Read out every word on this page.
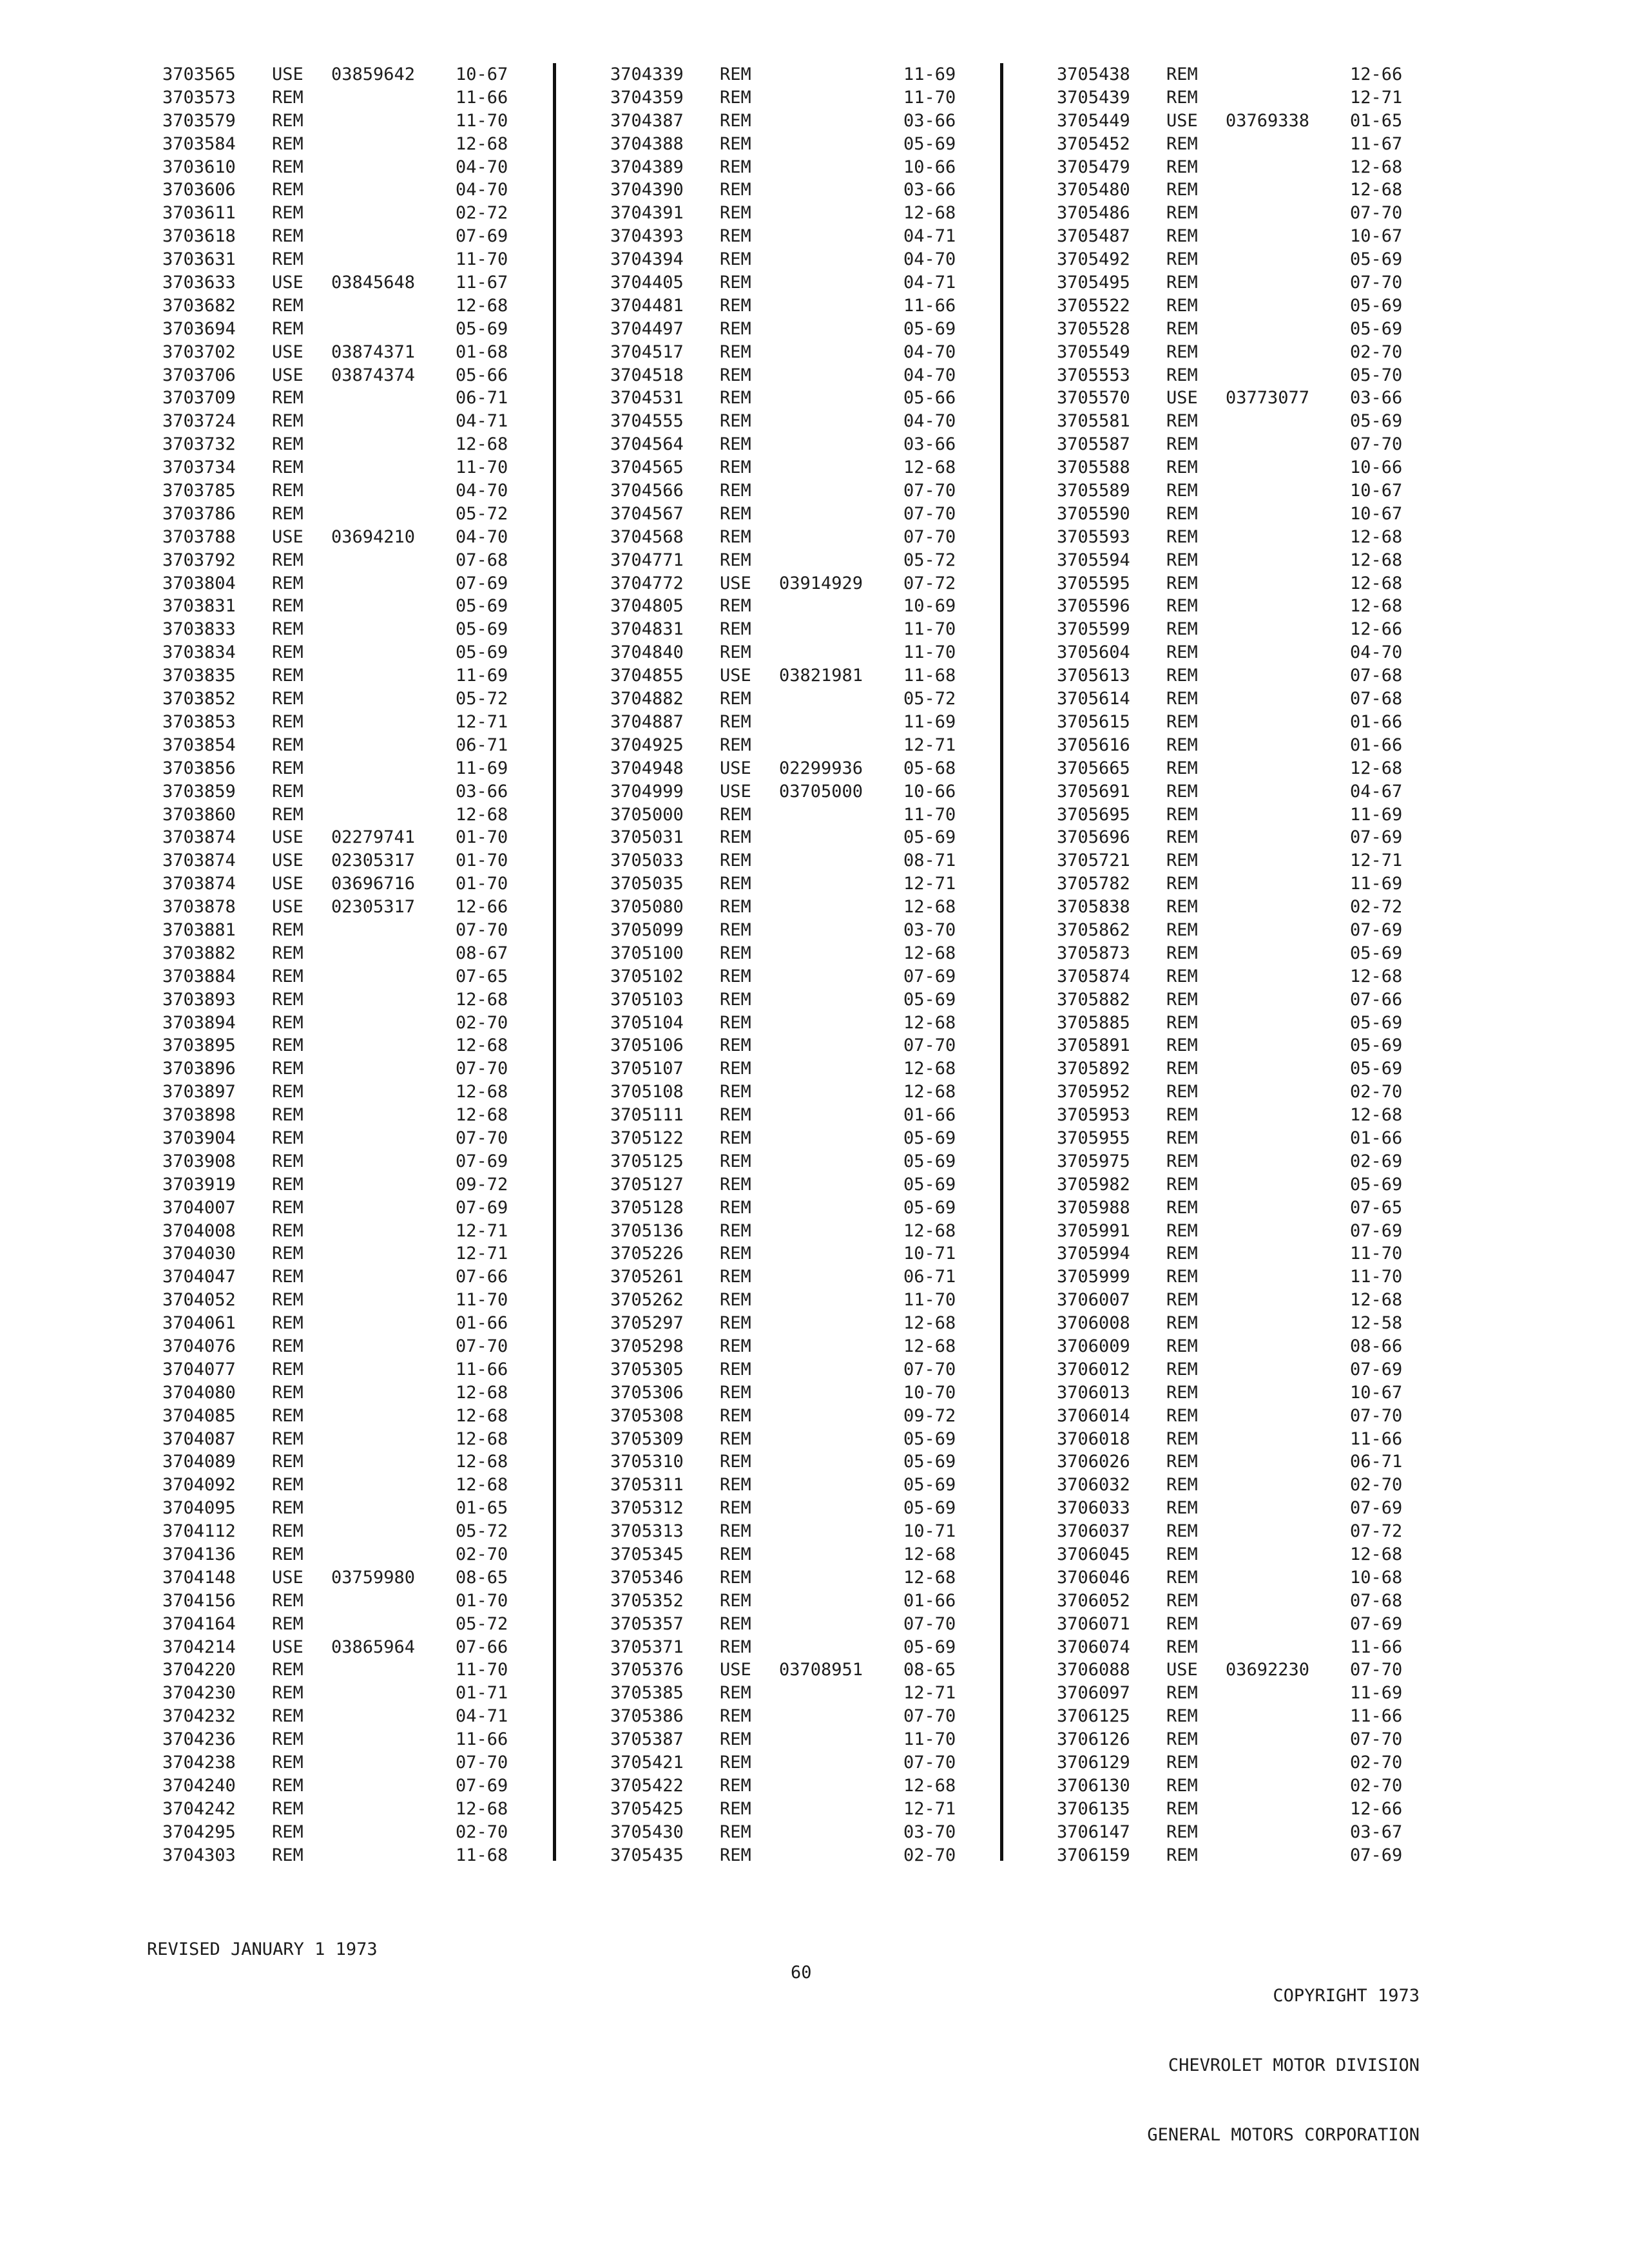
3703565 USE 03859642 10-67
3703573 REM	11-66
3703579 REM	11-70
3703584 REM	12-68
3703610 REM	04-70
3703606 REM	04-70
3703611 REM	02-72
3703618 REM	07-69
3703631 REM	11-70
3703633 USE 03845648 11-67
3703682 REM	12-68
3703694 REM	05-69
3703702 USE 03874371 01-68
3703706 USE 03874374 05-66
3703709 REM	06-71
3703724 REM	04-71
3703732 REM	12-68
3703734 REM	11-70
3703785 REM	04-70
3703786 REM	05-72
3703788 USE 03694210 04-70
3703792 REM	07-68
3703804 REM	07-69
3703831 REM	05-69
3703833 REM	05-69
3703834 REM	05-69
3703835 REM	11-69
3703852 REM	05-72
3703853 REM	12-71
3703854 REM	06-71
3703856 REM	11-69
3703859 REM	03-66
3703860 REM	12-68
3703874 USE 02279741 01-70
3703874 USE 02305317 01-70
3703874 USE 03696716 01-70
3703878 USE 02305317 12-66
3703881 REM	07-70
3703882 REM	08-67
3703884 REM	07-65
3703893 REM	12-68
3703894 REM	02-70
3703895 REM	12-68
3703896 REM	07-70
3703897 REM	12-68
3703898 REM	12-68
3703904 REM	07-70
3703908 REM	07-69
3703919 REM	09-72
3704007 REM	07-69
3704008 REM	12-71
3704030 REM	12-71
3704047 REM	07-66
3704052 REM	11-70
3704061 REM	01-66
3704076 REM	07-70
3704077 REM	11-66
3704080 REM	12-68
3704085 REM	12-68
3704087 REM	12-68
3704089 REM	12-68
3704092 REM	12-68
3704095 REM	01-65
3704112 REM	05-72
3704136 REM	02-70
3704148 USE 03759980 08-65
3704156 REM	01-70
3704164 REM	05-72
3704214 USE 03865964 07-66
3704220 REM	11-70
3704230 REM	01-71
3704232 REM	04-71
3704236 REM	11-66
3704238 REM	07-70
3704240 REM	07-69
3704242 REM	12-68
3704295 REM	02-70
3704303 REM	11-68
3704339 REM	11-69
3704359 REM	11-70
3704387 REM	03-66
3704388 REM	05-69
3704389 REM	10-66
3704390 REM	03-66
3704391 REM	12-68
3704393 REM	04-71
3704394 REM	04-70
3704405 REM	04-71
3704481 REM	11-66
3704497 REM	05-69
3704517 REM	04-70
3704518 REM	04-70
3704531 REM	05-66
3704555 REM	04-70
3704564 REM	03-66
3704565 REM	12-68
3704566 REM	07-70
3704567 REM	07-70
3704568 REM	07-70
3704771 REM	05-72
3704772 USE 03914929 07-72
3704805 REM	10-69
3704831 REM	11-70
3704840 REM	11-70
3704855 USE 03821981 11-68
3704882 REM	05-72
3704887 REM	11-69
3704925 REM	12-71
3704948 USE 02299936 05-68
3704999 USE 03705000 10-66
3705000 REM	11-70
3705031 REM	05-69
3705033 REM	08-71
3705035 REM	12-71
3705080 REM	12-68
3705099 REM	03-70
3705100 REM	12-68
3705102 REM	07-69
3705103 REM	05-69
3705104 REM	12-68
3705106 REM	07-70
3705107 REM	12-68
3705108 REM	12-68
3705111 REM	01-66
3705122 REM	05-69
3705125 REM	05-69
3705127 REM	05-69
3705128 REM	05-69
3705136 REM	12-68
3705226 REM	10-71
3705261 REM	06-71
3705262 REM	11-70
3705297 REM	12-68
3705298 REM	12-68
3705305 REM	07-70
3705306 REM	10-70
3705308 REM	09-72
3705309 REM	05-69
3705310 REM	05-69
3705311 REM	05-69
3705312 REM	05-69
3705313 REM	10-71
3705345 REM	12-68
3705346 REM	12-68
3705352 REM	01-66
3705357 REM	07-70
3705371 REM	05-69
3705376 USE 03708951 08-65
3705385 REM	12-71
3705386 REM	07-70
3705387 REM	11-70
3705421 REM	07-70
3705422 REM	12-68
3705425 REM	12-71
3705430 REM	03-70
3705435 REM	02-70
3705438 REM	12-66
3705439 REM	12-71
3705449 USE 03769338 01-65
3705452 REM	11-67
3705479 REM	12-68
3705480 REM	12-68
3705486 REM	07-70
3705487 REM	10-67
3705492 REM	05-69
3705495 REM	07-70
3705522 REM	05-69
3705528 REM	05-69
3705549 REM	02-70
3705553 REM	05-70
3705570 USE 03773077 03-66
3705581 REM	05-69
3705587 REM	07-70
3705588 REM	10-66
3705589 REM	10-67
3705590 REM	10-67
3705593 REM	12-68
3705594 REM	12-68
3705595 REM	12-68
3705596 REM	12-68
3705599 REM	12-66
3705604 REM	04-70
3705613 REM	07-68
3705614 REM	07-68
3705615 REM	01-66
3705616 REM	01-66
3705665 REM	12-68
3705691 REM	04-67
3705695 REM	11-69
3705696 REM	07-69
3705721 REM	12-71
3705782 REM	11-69
3705838 REM	02-72
3705862 REM	07-69
3705873 REM	05-69
3705874 REM	12-68
3705882 REM	07-66
3705885 REM	05-69
3705891 REM	05-69
3705892 REM	05-69
3705952 REM	02-70
3705953 REM	12-68
3705955 REM	01-66
3705975 REM	02-69
3705982 REM	05-69
3705988 REM	07-65
3705991 REM	07-69
3705994 REM	11-70
3705999 REM	11-70
3706007 REM	12-68
3706008 REM	12-58
3706009 REM	08-66
3706012 REM	07-69
3706013 REM	10-67
3706014 REM	07-70
3706018 REM	11-66
3706026 REM	06-71
3706032 REM	02-70
3706033 REM	07-69
3706037 REM	07-72
3706045 REM	12-68
3706046 REM	10-68
3706052 REM	07-68
3706071 REM	07-69
3706074 REM	11-66
3706088 USE 03692230 07-70
3706097 REM	11-69
3706125 REM	11-66
3706126 REM	07-70
3706129 REM	02-70
3706130 REM	02-70
3706135 REM	12-66
3706147 REM	03-67
3706159 REM	07-69
REVISED JANUARY 1 1973
60

COPYRIGHT 1973

CHEVROLET MOTOR DIVISION

GENERAL MOTORS CORPORATION
